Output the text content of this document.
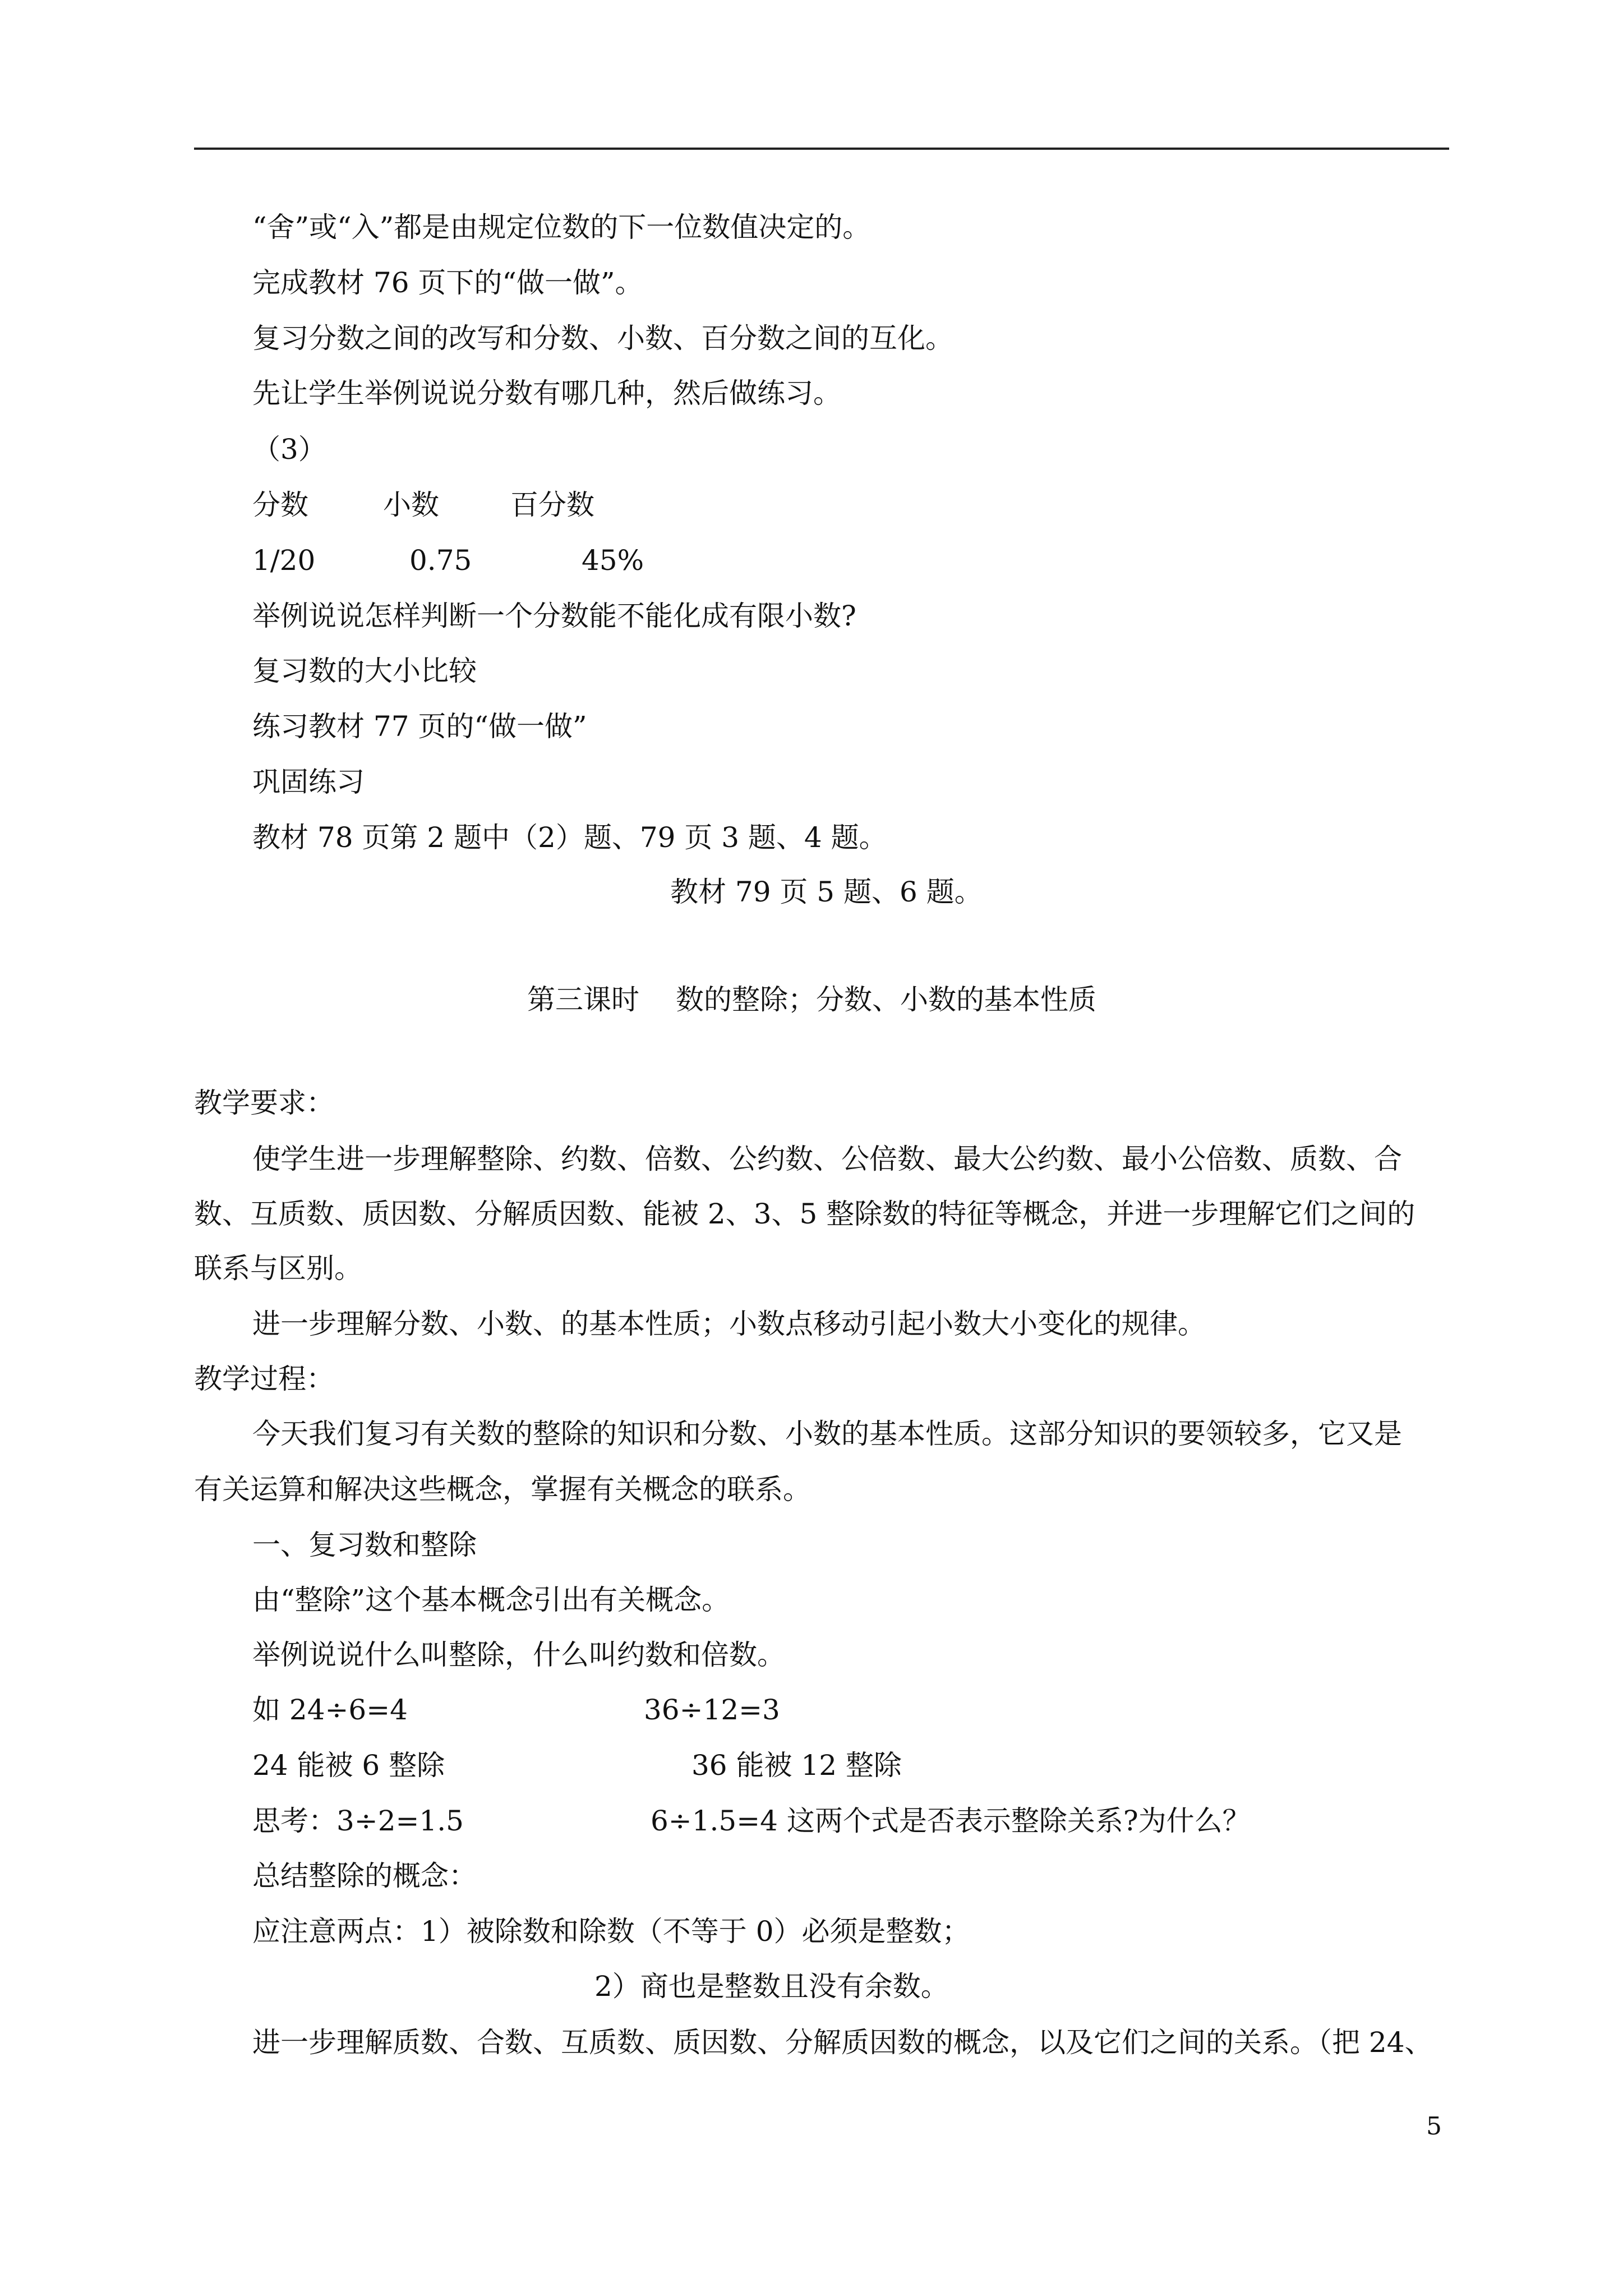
“舍”或“入”都是由规定位数的下一位数值决定的。
完成教材 76 页下的“做一做”。
复习分数之间的改写和分数、小数、百分数之间的互化。
先让学生举例说说分数有哪几种，然后做练习。
（3）
分数	小数	百分数
1/20	0.75	45%
举例说说怎样判断一个分数能不能化成有限小数?
复习数的大小比较
练习教材 77 页的“做一做”
巩固练习
教材 78 页第 2 题中（2）题、79 页 3 题、4 题。
教材 79 页 5 题、6 题。
第三课时 数的整除；分数、小数的基本性质
教学要求：
使学生进一步理解整除、约数、倍数、公约数、公倍数、最大公约数、最小公倍数、质数、合
数、互质数、质因数、分解质因数、能被 2、3、5 整除数的特征等概念，并进一步理解它们之间的
联系与区别。
进一步理解分数、小数、的基本性质；小数点移动引起小数大小变化的规律。
教学过程：
今天我们复习有关数的整除的知识和分数、小数的基本性质。这部分知识的要领较多，它又是
有关运算和解决这些概念，掌握有关概念的联系。
一、复习数和整除
由“整除”这个基本概念引出有关概念。
举例说说什么叫整除，什么叫约数和倍数。
如 24÷6=4	36÷12=3
24 能被 6 整除	36 能被 12 整除
思考：3÷2=1.5	6÷1.5=4 这两个式是否表示整除关系?为什么？
总结整除的概念：
应注意两点：1）被除数和除数（不等于 0）必须是整数；
2）商也是整数且没有余数。
进一步理解质数、合数、互质数、质因数、分解质因数的概念，以及它们之间的关系。（把 24、
5
